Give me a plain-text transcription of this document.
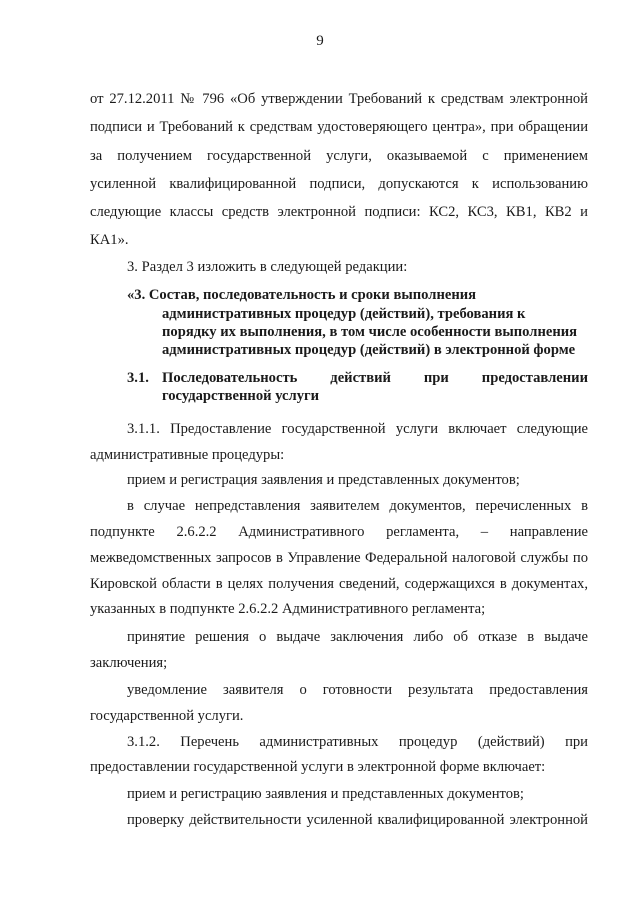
9
от 27.12.2011 № 796 «Об утверждении Требований к средствам электронной
подписи и Требований к средствам удостоверяющего центра», при обращении
за получением государственной услуги, оказываемой с применением
усиленной квалифицированной подписи, допускаются к использованию
следующие классы средств электронной подписи: КС2, КС3, КВ1, КВ2 и
КА1».
3. Раздел 3 изложить в следующей редакции:
«3. Состав, последовательность и сроки выполнения
административных процедур (действий), требования к
порядку их выполнения, в том числе особенности выполнения
административных процедур (действий) в электронной форме
3.1. Последовательность действий при предоставлении
государственной услуги
3.1.1. Предоставление государственной услуги включает следующие
административные процедуры:
прием и регистрация заявления и представленных документов;
в случае непредставления заявителем документов, перечисленных в
подпункте 2.6.2.2 Административного регламента, – направление
межведомственных запросов в Управление Федеральной налоговой службы по
Кировской области в целях получения сведений, содержащихся в документах,
указанных в подпункте 2.6.2.2 Административного регламента;
принятие решения о выдаче заключения либо об отказе в выдаче
заключения;
уведомление заявителя о готовности результата предоставления
государственной услуги.
3.1.2. Перечень административных процедур (действий) при
предоставлении государственной услуги в электронной форме включает:
прием и регистрацию заявления и представленных документов;
проверку действительности усиленной квалифицированной электронной
